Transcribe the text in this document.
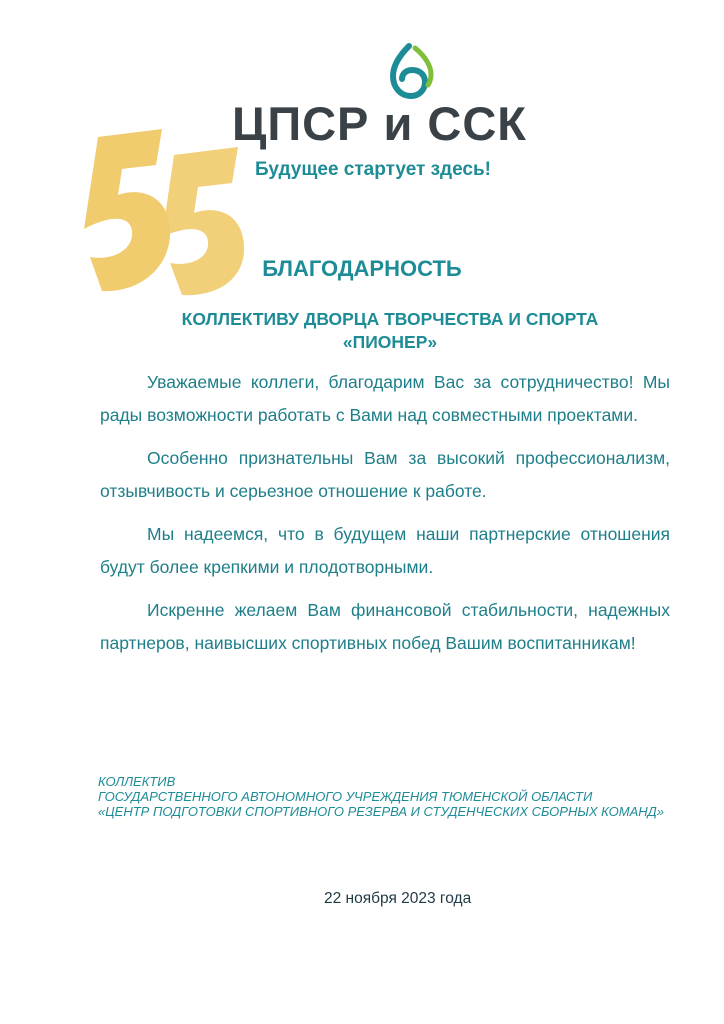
ЦПСР и ССК

Будущее стартует здесь!

БЛАГОДАРНОСТЬ

КОЛЛЕКТИВУ ДВОРЦА ТВОРЧЕСТВА И СПОРТА
«ПИОНЕР»

Уважаемые коллеги, благодарим Вас за сотрудничество! Мы рады возможности работать с Вами над совместными проектами.

Особенно признательны Вам за высокий профессионализм, отзывчивость и серьезное отношение к работе.

Мы надеемся, что в будущем наши партнерские отношения будут более крепкими и плодотворными.

Искренне желаем Вам финансовой стабильности, надежных партнеров, наивысших спортивных побед Вашим воспитанникам!

КОЛЛЕКТИВ
ГОСУДАРСТВЕННОГО АВТОНОМНОГО УЧРЕЖДЕНИЯ ТЮМЕНСКОЙ ОБЛАСТИ
«ЦЕНТР ПОДГОТОВКИ СПОРТИВНОГО РЕЗЕРВА И СТУДЕНЧЕСКИХ СБОРНЫХ КОМАНД»

22 ноября 2023 года
